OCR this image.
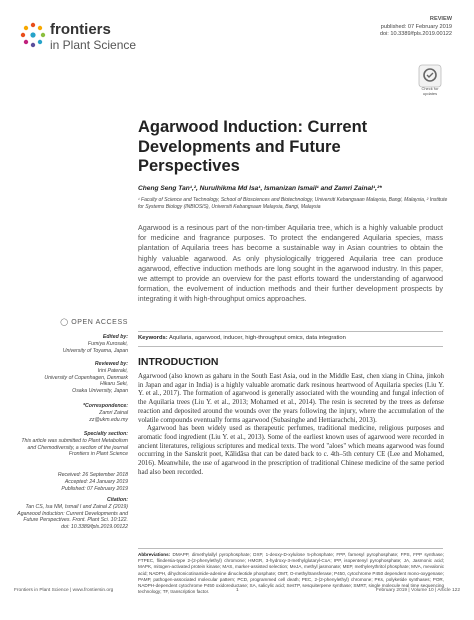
frontiers
in Plant Science
REVIEW
published: 07 February 2019
doi: 10.3389/fpls.2019.00122
Check for updates
Agarwood Induction: Current
Developments and Future
Perspectives
Cheng Seng Tan¹,², Nurulhikma Md Isa¹, Ismanizan Ismail¹ and Zamri Zainal¹,²*
¹ Faculty of Science and Technology, School of Biosciences and Biotechnology, Universiti Kebangsaan Malaysia, Bangi, Malaysia, ² Institute for Systems Biology (INBIOSIS), Universiti Kebangsaan Malaysia, Bangi, Malaysia
Agarwood is a resinous part of the non-timber Aquilaria tree, which is a highly valuable product for medicine and fragrance purposes. To protect the endangered Aquilaria species, mass plantation of Aquilaria trees has become a sustainable way in Asian countries to obtain the highly valuable agarwood. As only physiologically triggered Aquilaria tree can produce agarwood, effective induction methods are long sought in the agarwood industry. In this paper, we attempt to provide an overview for the past efforts toward the understanding of agarwood formation, the evolvement of induction methods and their further development prospects by integrating it with high-throughput omics approaches.
Keywords: Aquilaria, agarwood, inducer, high-throughput omics, data integration
INTRODUCTION

Agarwood (also known as gaharu in the South East Asia, oud in the Middle East, chen xiang in China, jinkoh in Japan and agar in India) is a highly valuable aromatic dark resinous heartwood of Aquilaria species (Liu Y. Y. et al., 2017). The formation of agarwood is generally associated with the wounding and fungal infection of the Aquilaria trees (Liu Y. et al., 2013; Mohamed et al., 2014). The resin is secreted by the trees as defense reaction and deposited around the wounds over the years following the injury, where the accumulation of the volatile compounds eventually forms agarwood (Subasinghe and Hettiarachchi, 2013).

Agarwood has been widely used as therapeutic perfumes, traditional medicine, religious purposes and aromatic food ingredient (Liu Y. et al., 2013). Some of the earliest known uses of agarwood were recorded in ancient literatures, religious scriptures and medical texts. The word "aloes" which means agarwood was found occurring in the Sanskrit poet, Kālidāsa that can be dated back to c. 4th–5th century CE (Lee and Mohamed, 2016). Meanwhile, the use of agarwood in the prescription of traditional Chinese medicine of the same period had also been recorded.

Abbreviations: DMAPP, dimethylallyl pyrophosphate; DXP, 1-deoxy-D-xylulose 5-phosphate; FPP, farnesyl pyrophosphate; FPS, FPP synthase; FTPEC, flindersia-type 2-(2-phenylethyl) chromone; HMGR, 3-hydroxy-3-methylglutaryl-CoA; IPP, isopentenyl pyrophosphate; JA, Jasmonic acid; MAPK, mitogen-activated protein kinase; MAS, marker-assisted selection; MeJA, methyl jasmonate; MEP, methylerythritol phosphate; MVA, mevalonic acid; NADPH, dihydronicotinamide-adenine dinucleotide phosphate; OMT, O-methyltransferase; P450, cytochrome P450 dependent mono-oxygenase; PAMP, pathogen-associated molecular pattern; PCD, programmed cell death; PEC, 2-(2-phenylethyl) chromone; PKs, polyketide synthases; POR, NADPH-dependent cytochrome P450 oxidoreductase; SA, salicylic acid; SesTP, sesquiterpene synthase; SMRT, single molecule real time sequencing technology; TF, transcription factor.
◯ OPEN ACCESS
Edited by:
Fumiya Kurosaki,
University of Toyama, Japan
Reviewed by:
Irini Pateraki,
University of Copenhagen, Denmark
Hikaru Seki,
Osaka University, Japan
*Correspondence:
Zamri Zainal
zz@ukm.edu.my
Specialty section:
This article was submitted to Plant Metabolism and Chemodiversity, a section of the journal Frontiers in Plant Science
Received: 26 September 2018
Accepted: 24 January 2019
Published: 07 February 2019
Citation:
Tan CS, Isa NM, Ismail I and Zainal Z (2019) Agarwood Induction: Current Developments and Future Perspectives. Front. Plant Sci. 10:122. doi: 10.3389/fpls.2019.00122
Frontiers in Plant Science | www.frontiersin.org	1	February 2019 | Volume 10 | Article 122
